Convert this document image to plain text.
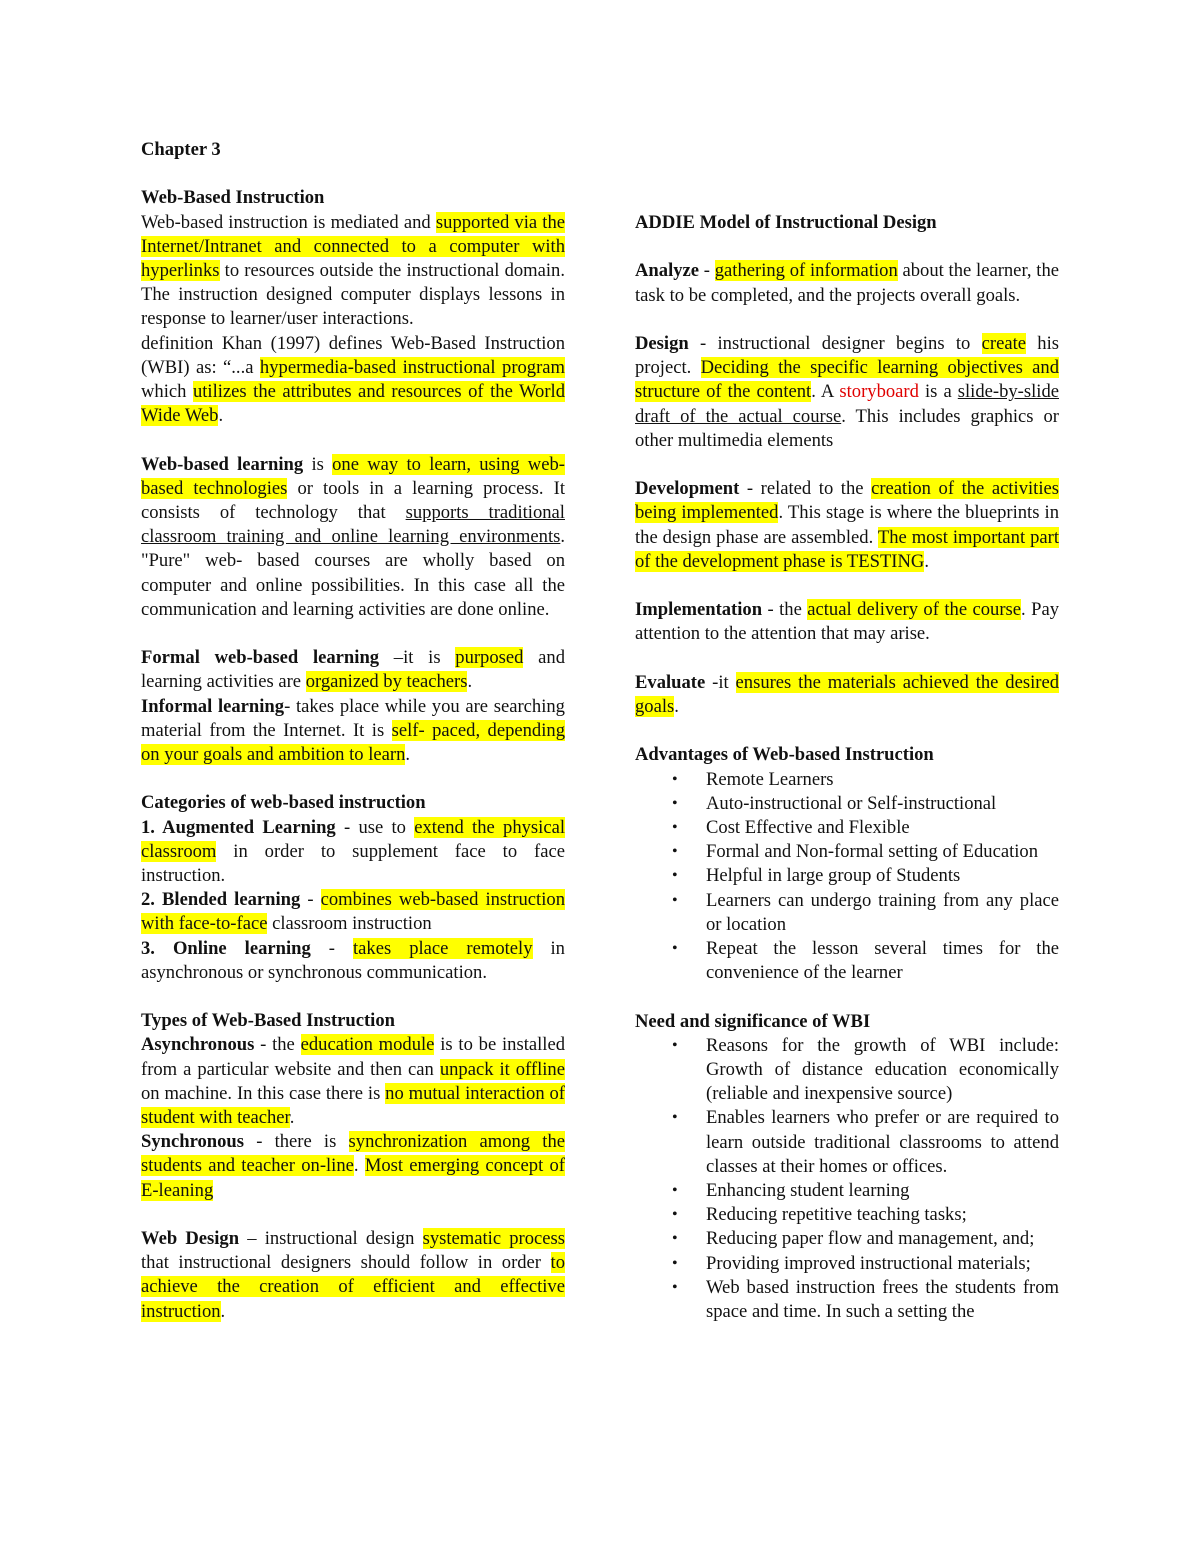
Chapter 3

Web-Based Instruction

Web-based instruction is mediated and supported via the Internet/Intranet and connected to a computer with hyperlinks to resources outside the instructional domain. The instruction designed computer displays lessons in response to learner/user interactions.

definition Khan (1997) defines Web-Based Instruction (WBI) as: “...a hypermedia-based instructional program which utilizes the attributes and resources of the World Wide Web.

Web-based learning is one way to learn, using web-based technologies or tools in a learning process. It consists of technology that supports traditional classroom training and online learning environments. "Pure" web- based courses are wholly based on computer and online possibilities. In this case all the communication and learning activities are done online.

Formal web-based learning –it is purposed and learning activities are organized by teachers.

Informal learning- takes place while you are searching material from the Internet. It is self- paced, depending on your goals and ambition to learn.

Categories of web-based instruction

1. Augmented Learning - use to extend the physical classroom in order to supplement face to face instruction.

2. Blended learning - combines web-based instruction with face-to-face classroom instruction

3. Online learning - takes place remotely in asynchronous or synchronous communication.

Types of Web-Based Instruction

Asynchronous - the education module is to be installed from a particular website and then can unpack it offline on machine. In this case there is no mutual interaction of student with teacher.

Synchronous - there is synchronization among the students and teacher on-line. Most emerging concept of E-leaning

Web Design – instructional design systematic process that instructional designers should follow in order to achieve the creation of efficient and effective instruction.

ADDIE Model of Instructional Design

Analyze - gathering of information about the learner, the task to be completed, and the projects overall goals.

Design - instructional designer begins to create his project. Deciding the specific learning objectives and structure of the content. A storyboard is a slide-by-slide draft of the actual course. This includes graphics or other multimedia elements

Development - related to the creation of the activities being implemented. This stage is where the blueprints in the design phase are assembled. The most important part of the development phase is TESTING.

Implementation - the actual delivery of the course. Pay attention to the attention that may arise.

Evaluate -it ensures the materials achieved the desired goals.

Advantages of Web-based Instruction

• Remote Learners
• Auto-instructional or Self-instructional
• Cost Effective and Flexible
• Formal and Non-formal setting of Education
• Helpful in large group of Students
• Learners can undergo training from any place or location
• Repeat the lesson several times for the convenience of the learner

Need and significance of WBI

• Reasons for the growth of WBI include: Growth of distance education economically (reliable and inexpensive source)
• Enables learners who prefer or are required to learn outside traditional classrooms to attend classes at their homes or offices.
• Enhancing student learning
• Reducing repetitive teaching tasks;
• Reducing paper flow and management, and;
• Providing improved instructional materials;
• Web based instruction frees the students from space and time. In such a setting the
